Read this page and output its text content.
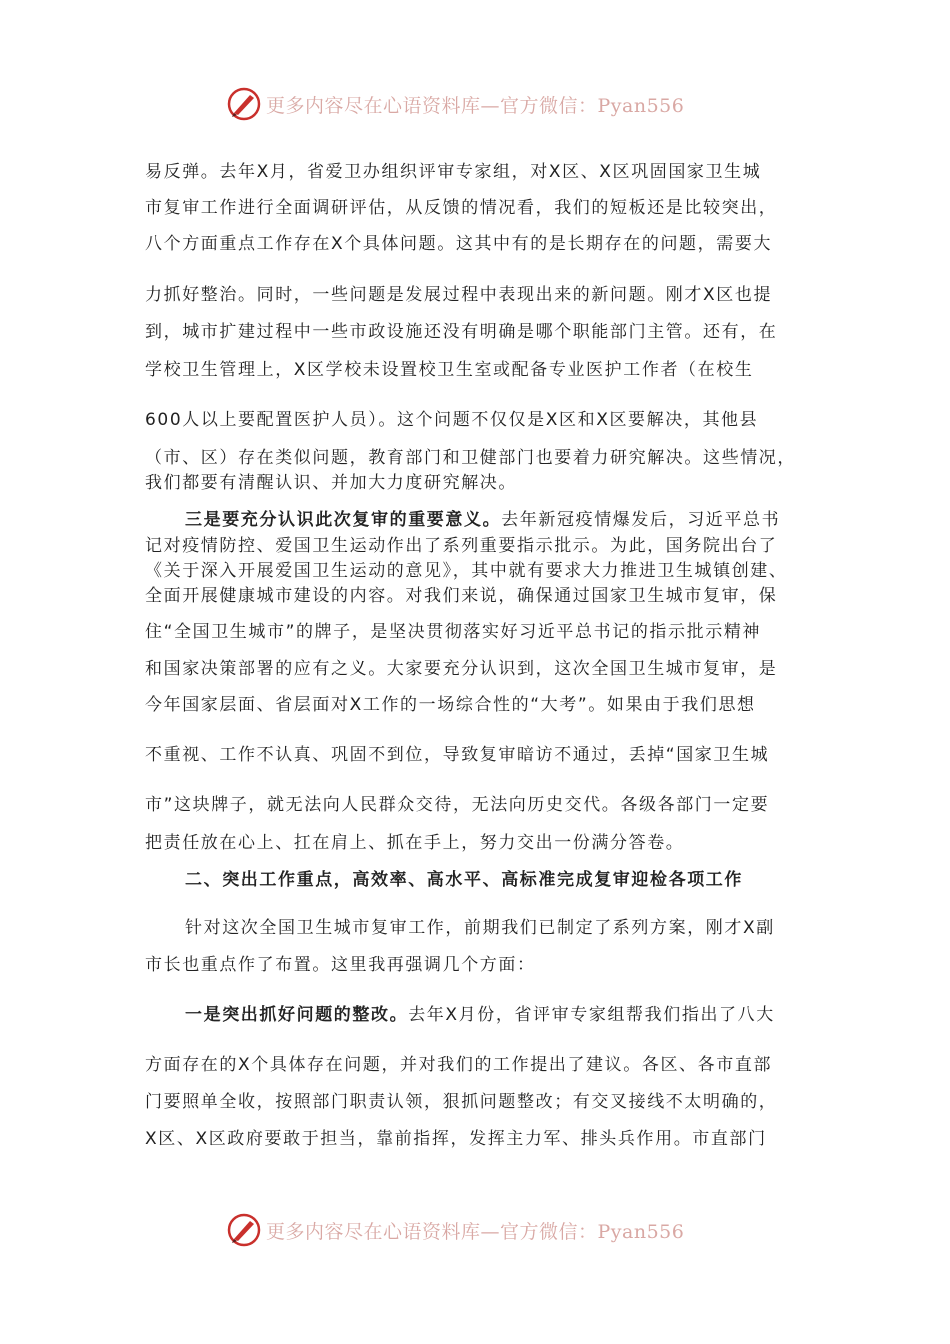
更多内容尽在心语资料库—官方微信：Pyan556
易反弹。去年X月，省爱卫办组织评审专家组，对X区、X区巩固国家卫生城
市复审工作进行全面调研评估，从反馈的情况看，我们的短板还是比较突出，
八个方面重点工作存在X个具体问题。这其中有的是长期存在的问题，需要大
力抓好整治。同时，一些问题是发展过程中表现出来的新问题。刚才X区也提
到，城市扩建过程中一些市政设施还没有明确是哪个职能部门主管。还有，在
学校卫生管理上，X区学校未设置校卫生室或配备专业医护工作者（在校生
600人以上要配置医护人员）。这个问题不仅仅是X区和X区要解决，其他县
（市、区）存在类似问题，教育部门和卫健部门也要着力研究解决。这些情况，
我们都要有清醒认识、并加大力度研究解决。
三是要充分认识此次复审的重要意义。去年新冠疫情爆发后，习近平总书
记对疫情防控、爱国卫生运动作出了系列重要指示批示。为此，国务院出台了
《关于深入开展爱国卫生运动的意见》，其中就有要求大力推进卫生城镇创建、
全面开展健康城市建设的内容。对我们来说，确保通过国家卫生城市复审，保
住“全国卫生城市”的牌子，是坚决贯彻落实好习近平总书记的指示批示精神
和国家决策部署的应有之义。大家要充分认识到，这次全国卫生城市复审，是
今年国家层面、省层面对X工作的一场综合性的“大考”。如果由于我们思想
不重视、工作不认真、巩固不到位，导致复审暗访不通过，丢掉“国家卫生城
市”这块牌子，就无法向人民群众交待，无法向历史交代。各级各部门一定要
把责任放在心上、扛在肩上、抓在手上，努力交出一份满分答卷。
二、突出工作重点，高效率、高水平、高标准完成复审迎检各项工作
针对这次全国卫生城市复审工作，前期我们已制定了系列方案，刚才X副
市长也重点作了布置。这里我再强调几个方面：
一是突出抓好问题的整改。去年X月份，省评审专家组帮我们指出了八大
方面存在的X个具体存在问题，并对我们的工作提出了建议。各区、各市直部
门要照单全收，按照部门职责认领，狠抓问题整改；有交叉接线不太明确的，
X区、X区政府要敢于担当，靠前指挥，发挥主力军、排头兵作用。市直部门
更多内容尽在心语资料库—官方微信：Pyan556
